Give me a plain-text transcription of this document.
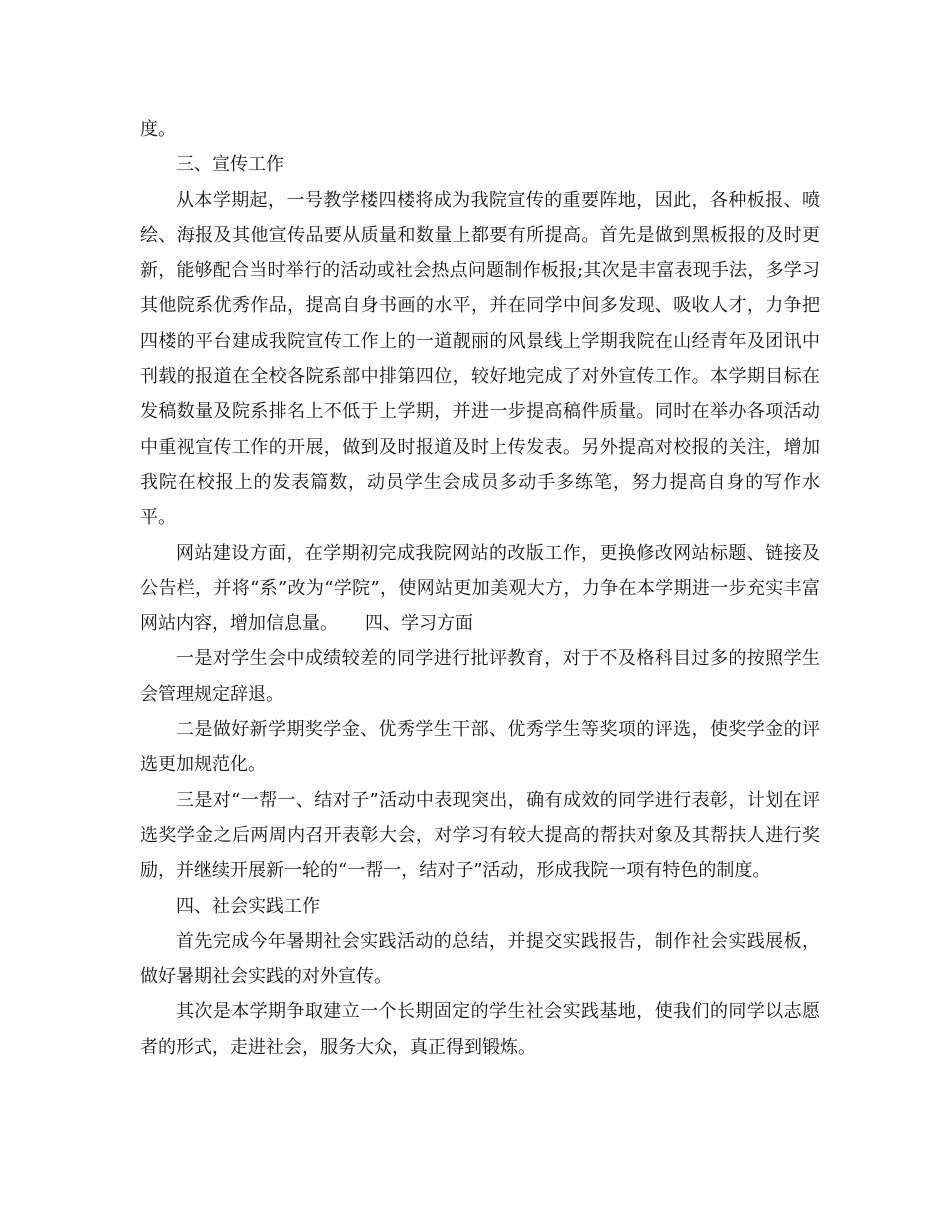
度。

三、宣传工作

从本学期起，一号教学楼四楼将成为我院宣传的重要阵地，因此，各种板报、喷绘、海报及其他宣传品要从质量和数量上都要有所提高。首先是做到黑板报的及时更新，能够配合当时举行的活动或社会热点问题制作板报;其次是丰富表现手法，多学习其他院系优秀作品，提高自身书画的水平，并在同学中间多发现、吸收人才，力争把四楼的平台建成我院宣传工作上的一道靓丽的风景线上学期我院在山经青年及团讯中刊载的报道在全校各院系部中排第四位，较好地完成了对外宣传工作。本学期目标在发稿数量及院系排名上不低于上学期，并进一步提高稿件质量。同时在举办各项活动中重视宣传工作的开展，做到及时报道及时上传发表。另外提高对校报的关注，增加我院在校报上的发表篇数，动员学生会成员多动手多练笔，努力提高自身的写作水平。

网站建设方面，在学期初完成我院网站的改版工作，更换修改网站标题、链接及公告栏，并将“系”改为“学院”，使网站更加美观大方，力争在本学期进一步充实丰富网站内容，增加信息量。　　四、学习方面

一是对学生会中成绩较差的同学进行批评教育，对于不及格科目过多的按照学生会管理规定辞退。

二是做好新学期奖学金、优秀学生干部、优秀学生等奖项的评选，使奖学金的评选更加规范化。

三是对“一帮一、结对子”活动中表现突出，确有成效的同学进行表彰，计划在评选奖学金之后两周内召开表彰大会，对学习有较大提高的帮扶对象及其帮扶人进行奖励，并继续开展新一轮的“一帮一，结对子”活动，形成我院一项有特色的制度。

四、社会实践工作

首先完成今年暑期社会实践活动的总结，并提交实践报告，制作社会实践展板，做好暑期社会实践的对外宣传。

其次是本学期争取建立一个长期固定的学生社会实践基地，使我们的同学以志愿者的形式，走进社会，服务大众，真正得到锻炼。
